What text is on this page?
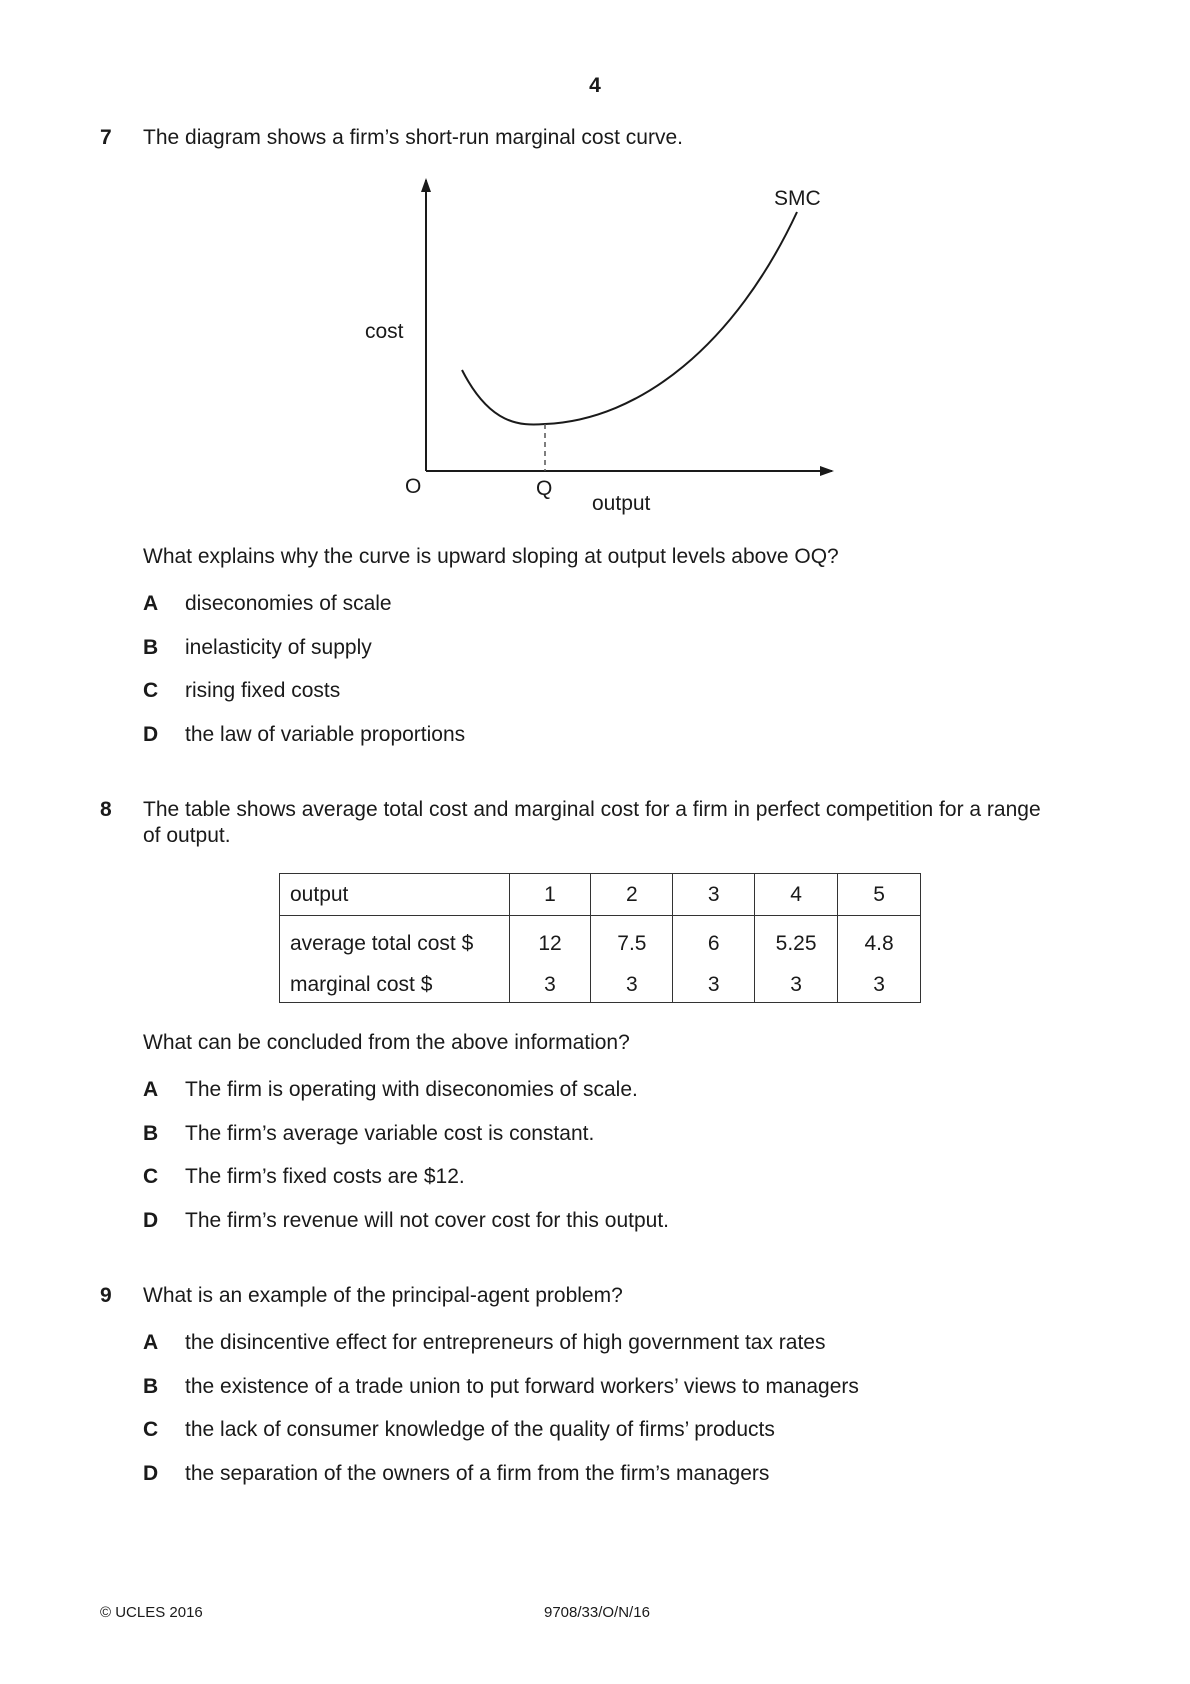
4
7 The diagram shows a firm’s short-run marginal cost curve.
cost
output
O	Q
SMC
What explains why the curve is upward sloping at output levels above OQ?
A diseconomies of scale
B inelasticity of supply
C rising fixed costs
D the law of variable proportions
8 The table shows average total cost and marginal cost for a firm in perfect competition for a range
of output.
output	1	2	3	4	5
average total cost $	12	7.5	6	5.25	4.8
marginal cost $	3	3	3	3	3
What can be concluded from the above information?
A The firm is operating with diseconomies of scale.
B The firm’s average variable cost is constant.
C The firm’s fixed costs are $12.
D The firm’s revenue will not cover cost for this output.
9 What is an example of the principal-agent problem?
A the disincentive effect for entrepreneurs of high government tax rates
B the existence of a trade union to put forward workers’ views to managers
C the lack of consumer knowledge of the quality of firms’ products
D the separation of the owners of a firm from the firm’s managers
© UCLES 2016	9708/33/O/N/16
